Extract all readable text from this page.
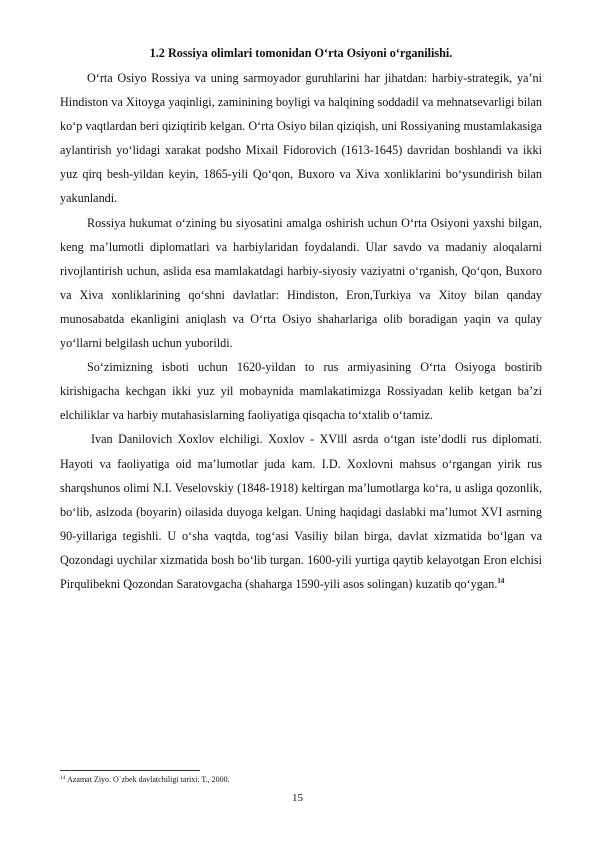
1.2 Rossiya olimlari tomonidan O‘rta Osiyoni o‘rganilishi.

O‘rta Osiyo Rossiya va uning sarmoyador guruhlarini har jihatdan: harbiy-strategik, ya’ni Hindiston va Xitoyga yaqinligi, zaminining boyligi va halqining soddadil va mehnatsevarligi bilan ko‘p vaqtlardan beri qiziqtirib kelgan. O‘rta Osiyo bilan qiziqish, uni Rossiyaning mustamlakasiga aylantirish yo‘lidagi xarakat podsho Mixail Fidorovich (1613-1645) davridan boshlandi va ikki yuz qirq besh-yildan keyin, 1865-yili Qo‘qon, Buxoro va Xiva xonliklarini bo‘ysundirish bilan yakunlandi.

Rossiya hukumat o‘zining bu siyosatini amalga oshirish uchun O‘rta Osiyoni yaxshi bilgan, keng ma’lumotli diplomatlari va harbiylaridan foydalandi. Ular savdo va madaniy aloqalarni rivojlantirish uchun, aslida esa mamlakatdagi harbiy-siyosiy vaziyatni o‘rganish, Qo‘qon, Buxoro va Xiva xonliklarining qo‘shni davlatlar: Hindiston, Eron,Turkiya va Xitoy bilan qanday munosabatda ekanligini aniqlash va O‘rta Osiyo shaharlariga olib boradigan yaqin va qulay yo‘llarni belgilash uchun yuborildi.

So‘zimizning isboti uchun 1620-yildan to rus armiyasining O‘rta Osiyoga bostirib kirishigacha kechgan ikki yuz yil mobaynida mamlakatimizga Rossiyadan kelib ketgan ba’zi elchiliklar va harbiy mutahasislarning faoliyatiga qisqacha to‘xtalib o‘tamiz.

Ivan Danilovich Xoxlov elchiligi. Xoxlov - XVlll asrda o‘tgan iste’dodli rus diplomati. Hayoti va faoliyatiga oid ma’lumotlar juda kam. I.D. Xoxlovni mahsus o‘rgangan yirik rus sharqshunos olimi N.I. Veselovskiy (1848-1918) keltirgan ma’lumotlarga ko‘ra, u asliga qozonlik, bo‘lib, aslzoda (boyarin) oilasida duyoga kelgan. Uning haqidagi daslabki ma’lumot XVI asrning 90-yillariga tegishli. U o‘sha vaqtda, tog‘asi Vasiliy bilan birga, davlat xizmatida bo‘lgan va Qozondagi uychilar xizmatida bosh bo‘lib turgan. 1600-yili yurtiga qaytib kelayotgan Eron elchisi Pirqulibekni Qozondan Saratovgacha (shaharga 1590-yili asos solingan) kuzatib qo‘ygan.$^{14}$

$^{14}$ Azamat Ziyo. O`zbek davlatchiligi tarixi. T., 2000.
15
